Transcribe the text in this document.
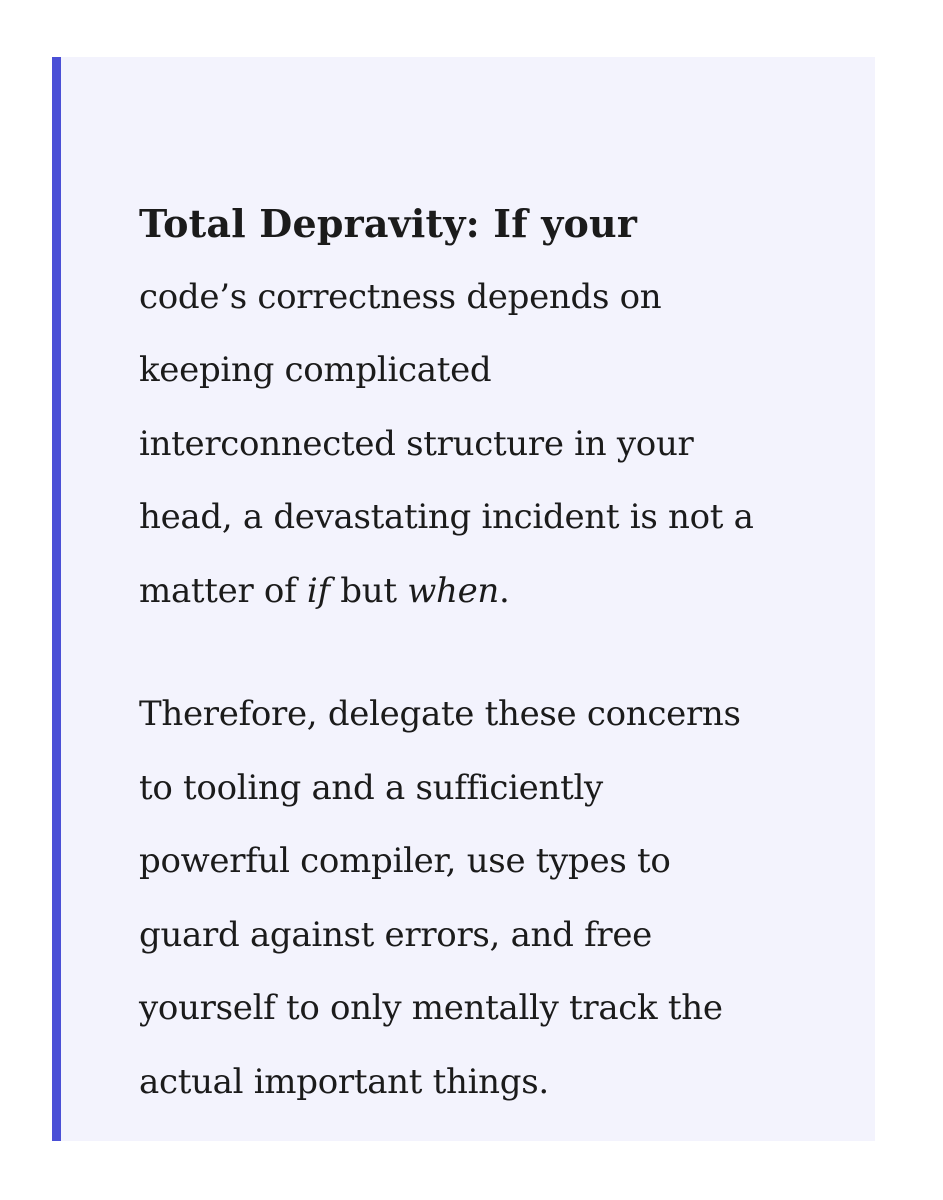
Total Depravity: If your
code’s correctness depends on
keeping complicated
interconnected structure in your
head, a devastating incident is not a
matter of if but when.

Therefore, delegate these concerns
to tooling and a sufficiently
powerful compiler, use types to
guard against errors, and free
yourself to only mentally track the
actual important things.
